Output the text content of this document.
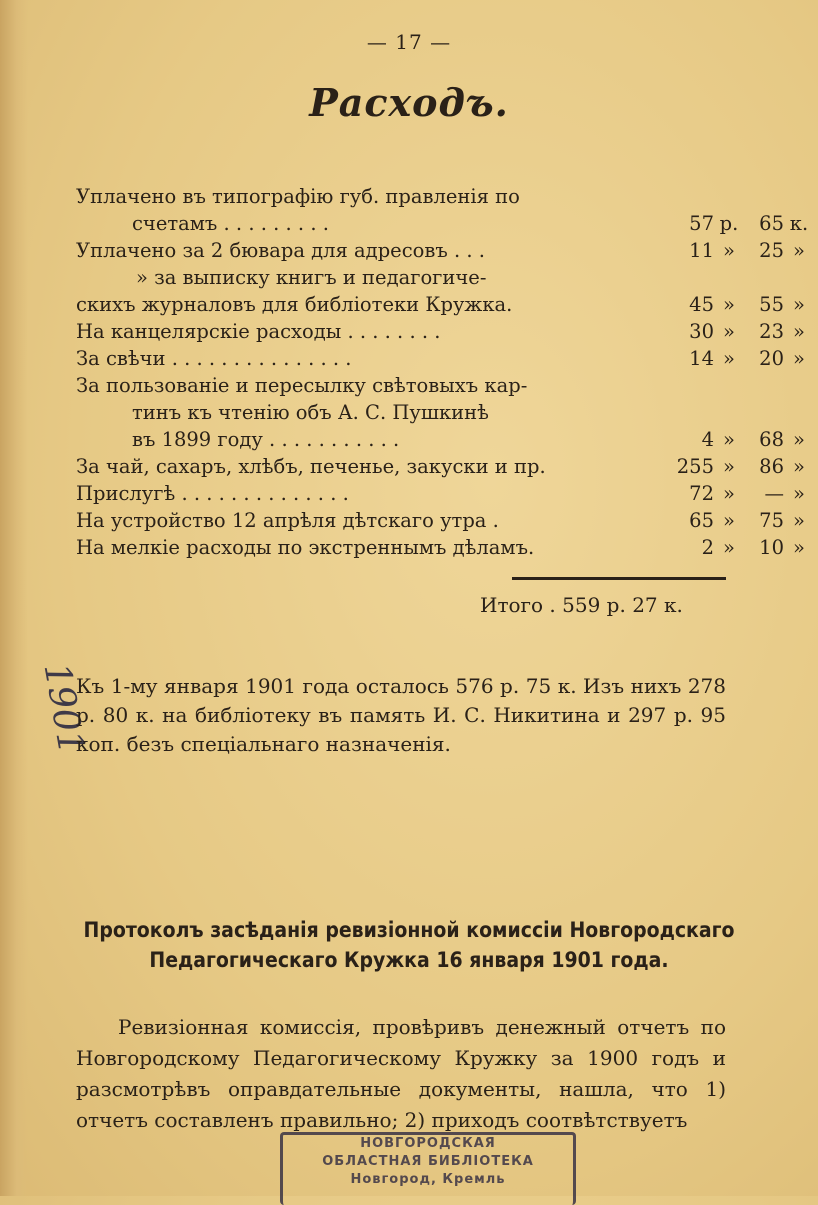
1901
— 17 —
Расходъ.
Уплачено въ типографію губ. правленія по
счетамъ . . . . . . . . .	57 р.	65 к.
Уплачено за 2 бювара для адресовъ . . .	11 »	25 »
» за выписку книгъ и педагогиче-
скихъ журналовъ для библіотеки Кружка.	45 »	55 »
На канцелярскіе расходы . . . . . . . .	30 »	23 »
За свѣчи . . . . . . . . . . . . . . .	14 »	20 »
За пользованіе и пересылку свѣтовыхъ кар-
тинъ къ чтенію объ А. С. Пушкинѣ
въ 1899 году . . . . . . . . . . .	4 »	68 »
За чай, сахаръ, хлѣбъ, печенье, закуски и пр.	255 »	86 »
Прислугѣ . . . . . . . . . . . . . .	72 »	— »
На устройство 12 апрѣля дѣтскаго утра .	65 »	75 »
На мелкіе расходы по экстреннымъ дѣламъ.	2 »	10 »
Итого . 559 р. 27 к.
Къ 1-му января 1901 года осталось 576 р. 75 к. Изъ нихъ 278 р. 80 к. на библіотеку въ память И. С. Никитина и 297 р. 95 коп. безъ спеціальнаго назначенія.
Протоколъ засѣданія ревизіонной комиссіи Новгородскаго
Педагогическаго Кружка 16 января 1901 года.
Ревизіонная комиссія, провѣривъ денежный отчетъ по Новгородскому Педагогическому Кружку за 1900 годъ и разсмотрѣвъ оправдательные документы, нашла, что 1) отчетъ составленъ правильно; 2) приходъ соотвѣтствуетъ
НОВГОРОДСКАЯ
ОБЛАСТНАЯ БИБЛІОТЕКА
Новгород, Кремль
